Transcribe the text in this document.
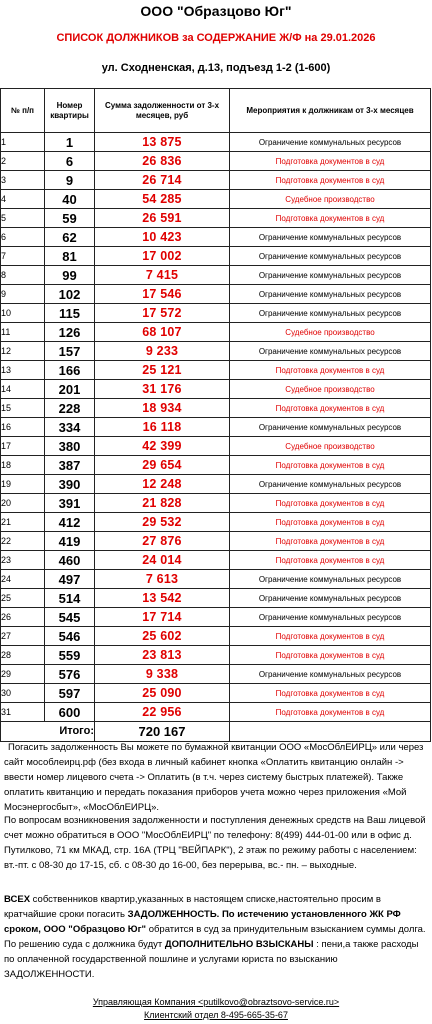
ООО "Образцово Юг"
СПИСОК ДОЛЖНИКОВ за СОДЕРЖАНИЕ Ж/Ф на 29.01.2026
ул. Сходненская, д.13, подъезд 1-2 (1-600)
№ п/п	Номер квартиры	Сумма задолженности от 3-х месяцев, руб	Мероприятия к должникам от 3-х месяцев
1	1	13 875	Ограничение коммунальных ресурсов
2	6	26 836	Подготовка документов в суд
3	9	26 714	Подготовка документов в суд
4	40	54 285	Судебное производство
5	59	26 591	Подготовка документов в суд
6	62	10 423	Ограничение коммунальных ресурсов
7	81	17 002	Ограничение коммунальных ресурсов
8	99	7 415	Ограничение коммунальных ресурсов
9	102	17 546	Ограничение коммунальных ресурсов
10	115	17 572	Ограничение коммунальных ресурсов
11	126	68 107	Судебное производство
12	157	9 233	Ограничение коммунальных ресурсов
13	166	25 121	Подготовка документов в суд
14	201	31 176	Судебное производство
15	228	18 934	Подготовка документов в суд
16	334	16 118	Ограничение коммунальных ресурсов
17	380	42 399	Судебное производство
18	387	29 654	Подготовка документов в суд
19	390	12 248	Ограничение коммунальных ресурсов
20	391	21 828	Подготовка документов в суд
21	412	29 532	Подготовка документов в суд
22	419	27 876	Подготовка документов в суд
23	460	24 014	Подготовка документов в суд
24	497	7 613	Ограничение коммунальных ресурсов
25	514	13 542	Ограничение коммунальных ресурсов
26	545	17 714	Ограничение коммунальных ресурсов
27	546	25 602	Подготовка документов в суд
28	559	23 813	Подготовка документов в суд
29	576	9 338	Ограничение коммунальных ресурсов
30	597	25 090	Подготовка документов в суд
31	600	22 956	Подготовка документов в суд
Итого:		720 167	
Погасить задолженность Вы можете по бумажной квитанции ООО «МосОблЕИРЦ» или через сайт мособлеирц.рф (без входа в личный кабинет кнопка «Оплатить квитанцию онлайн -> ввести номер лицевого счета -> Оплатить (в т.ч. через систему быстрых платежей). Также оплатить квитанцию и передать показания приборов учета можно через приложения «Мой Мосэнергосбыт», «МосОблЕИРЦ».
По вопросам возникновения задолженности и поступления денежных средств на Ваш лицевой счет можно обратиться в ООО "МосОблЕИРЦ" по телефону: 8(499) 444-01-00 или в офис д. Путилково, 71 км МКАД, стр. 16А (ТРЦ "ВЕЙПАРК"), 2 этаж по режиму работы с населением: вт.-пт. с 08-30 до 17-15, сб. с 08-30 до 16-00, без перерыва, вс.- пн. – выходные.
ВСЕХ собственников квартир,указанных в настоящем списке,настоятельно просим в кратчайшие сроки погасить ЗАДОЛЖЕННОСТЬ. По истечению установленного ЖК РФ сроком, ООО "Образцово Юг" обратится в суд за принудительным взысканием суммы долга. По решению суда с должника будут ДОПОЛНИТЕЛЬНО ВЗЫСКАНЫ : пени,а также расходы по оплаченной государственной пошлине и услугами юриста по взысканию ЗАДОЛЖЕННОСТИ.
Управляющая Компания <putilkovo@obraztsovo-service.ru>
Клиентский отдел 8-495-665-35-67
